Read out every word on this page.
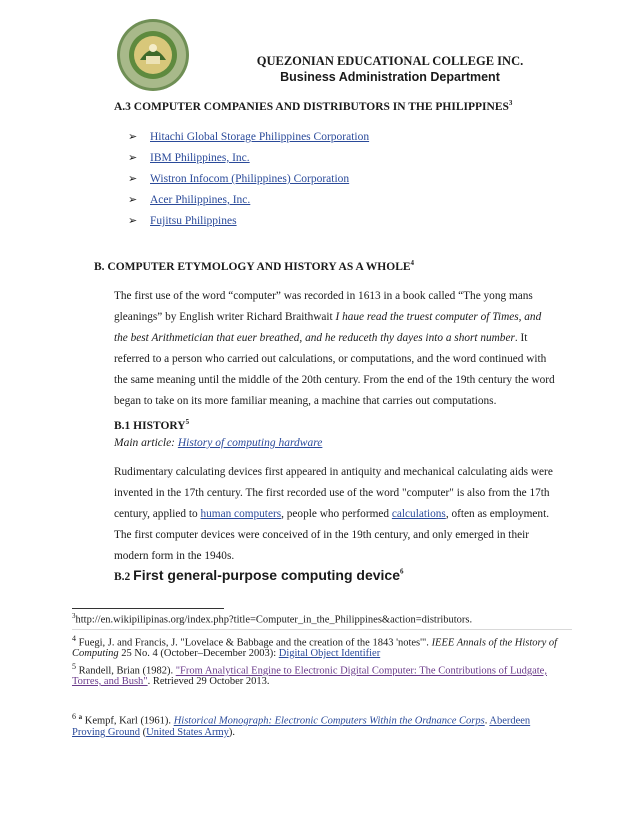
QUEZONIAN EDUCATIONAL COLLEGE INC.
Business Administration Department
A.3 COMPUTER COMPANIES AND DISTRIBUTORS IN THE PHILIPPINES$^3$
➢ Hitachi Global Storage Philippines Corporation
➢ IBM Philippines, Inc.
➢ Wistron Infocom (Philippines) Corporation
➢ Acer Philippines, Inc.
➢ Fujitsu Philippines
B. COMPUTER ETYMOLOGY AND HISTORY AS A WHOLE$^4$
The first use of the word “computer” was recorded in 1613 in a book called “The yong mans
gleanings” by English writer Richard Braithwait I haue read the truest computer of Times, and
the best Arithmetician that euer breathed, and he reduceth thy dayes into a short number. It
referred to a person who carried out calculations, or computations, and the word continued with
the same meaning until the middle of the 20th century. From the end of the 19th century the word
began to take on its more familiar meaning, a machine that carries out computations.
B.1 HISTORY$^5$
Main article: History of computing hardware
Rudimentary calculating devices first appeared in antiquity and mechanical calculating aids were
invented in the 17th century. The first recorded use of the word "computer" is also from the 17th
century, applied to human computers, people who performed calculations, often as employment.
The first computer devices were conceived of in the 19th century, and only emerged in their
modern form in the 1940s.
B.2 First general-purpose computing device$^6$
$^3$http://en.wikipilipinas.org/index.php?title=Computer_in_the_Philippines&action=distributors.
$^4$ Fuegi, J. and Francis, J. "Lovelace & Babbage and the creation of the 1843 'notes'". IEEE Annals of the History of
Computing 25 No. 4 (October–December 2003): Digital Object Identifier
$^5$ Randell, Brian (1982). "From Analytical Engine to Electronic Digital Computer: The Contributions of Ludgate,
Torres, and Bush". Retrieved 29 October 2013.
$^6$ $^a$ Kempf, Karl (1961). Historical Monograph: Electronic Computers Within the Ordnance Corps. Aberdeen
Proving Ground (United States Army).
